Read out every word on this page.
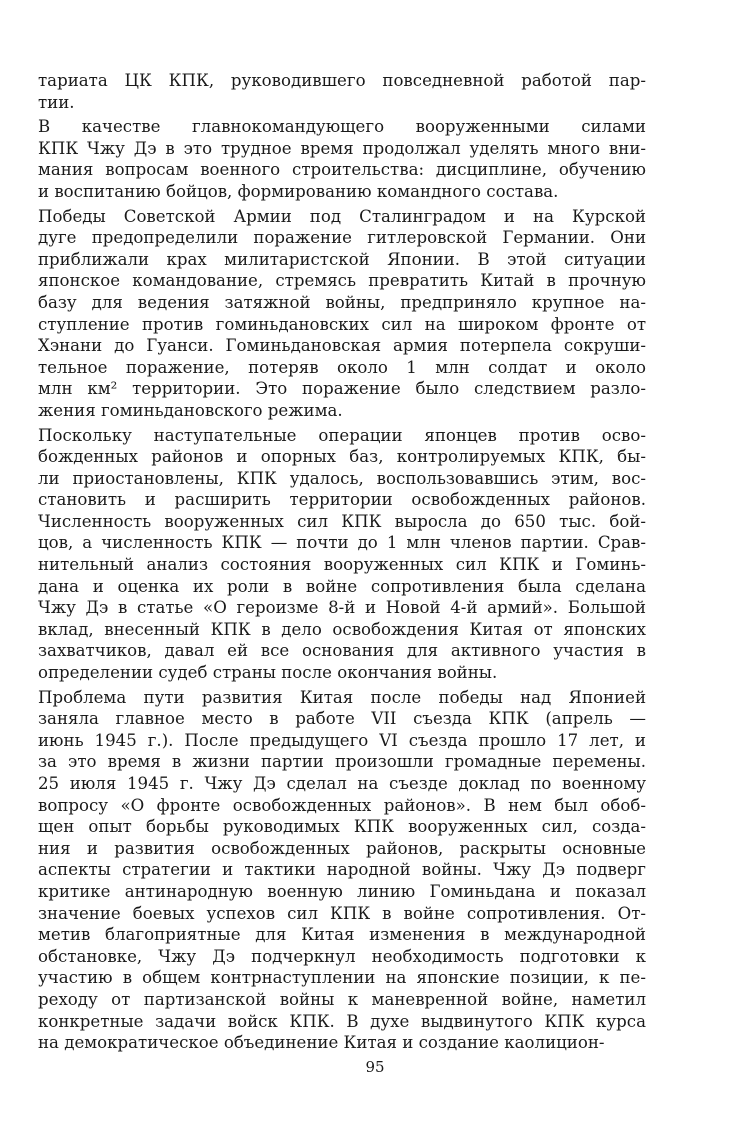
тариата ЦК КПК, руководившего повседневной работой пар-
тии.
В качестве главнокомандующего вооруженными силами
КПК Чжу Дэ в это трудное время продолжал уделять много вни-
мания вопросам военного строительства: дисциплине, обучению
и воспитанию бойцов, формированию командного состава.
Победы Советской Армии под Сталинградом и на Курской
дуге предопределили поражение гитлеровской Германии. Они
приближали крах милитаристской Японии. В этой ситуации
японское командование, стремясь превратить Китай в прочную
базу для ведения затяжной войны, предприняло крупное на-
ступление против гоминьдановских сил на широком фронте от
Хэнани до Гуанси. Гоминьдановская армия потерпела сокруши-
тельное поражение, потеряв около 1 млн солдат и около
млн км² территории. Это поражение было следствием разло-
жения гоминьдановского режима.
Поскольку наступательные операции японцев против осво-
божденных районов и опорных баз, контролируемых КПК, бы-
ли приостановлены, КПК удалось, воспользовавшись этим, вос-
становить и расширить территории освобожденных районов.
Численность вооруженных сил КПК выросла до 650 тыс. бой-
цов, а численность КПК — почти до 1 млн членов партии. Срав-
нительный анализ состояния вооруженных сил КПК и Гоминь-
дана и оценка их роли в войне сопротивления была сделана
Чжу Дэ в статье «О героизме 8-й и Новой 4-й армий». Большой
вклад, внесенный КПК в дело освобождения Китая от японских
захватчиков, давал ей все основания для активного участия в
определении судеб страны после окончания войны.
Проблема пути развития Китая после победы над Японией
заняла главное место в работе VII съезда КПК (апрель —
июнь 1945 г.). После предыдущего VI съезда прошло 17 лет, и
за это время в жизни партии произошли громадные перемены.
25 июля 1945 г. Чжу Дэ сделал на съезде доклад по военному
вопросу «О фронте освобожденных районов». В нем был обоб-
щен опыт борьбы руководимых КПК вооруженных сил, созда-
ния и развития освобожденных районов, раскрыты основные
аспекты стратегии и тактики народной войны. Чжу Дэ подверг
критике антинародную военную линию Гоминьдана и показал
значение боевых успехов сил КПК в войне сопротивления. От-
метив благоприятные для Китая изменения в международной
обстановке, Чжу Дэ подчеркнул необходимость подготовки к
участию в общем контрнаступлении на японские позиции, к пе-
реходу от партизанской войны к маневренной войне, наметил
конкретные задачи войск КПК. В духе выдвинутого КПК курса
на демократическое объединение Китая и создание каолицион-
95
